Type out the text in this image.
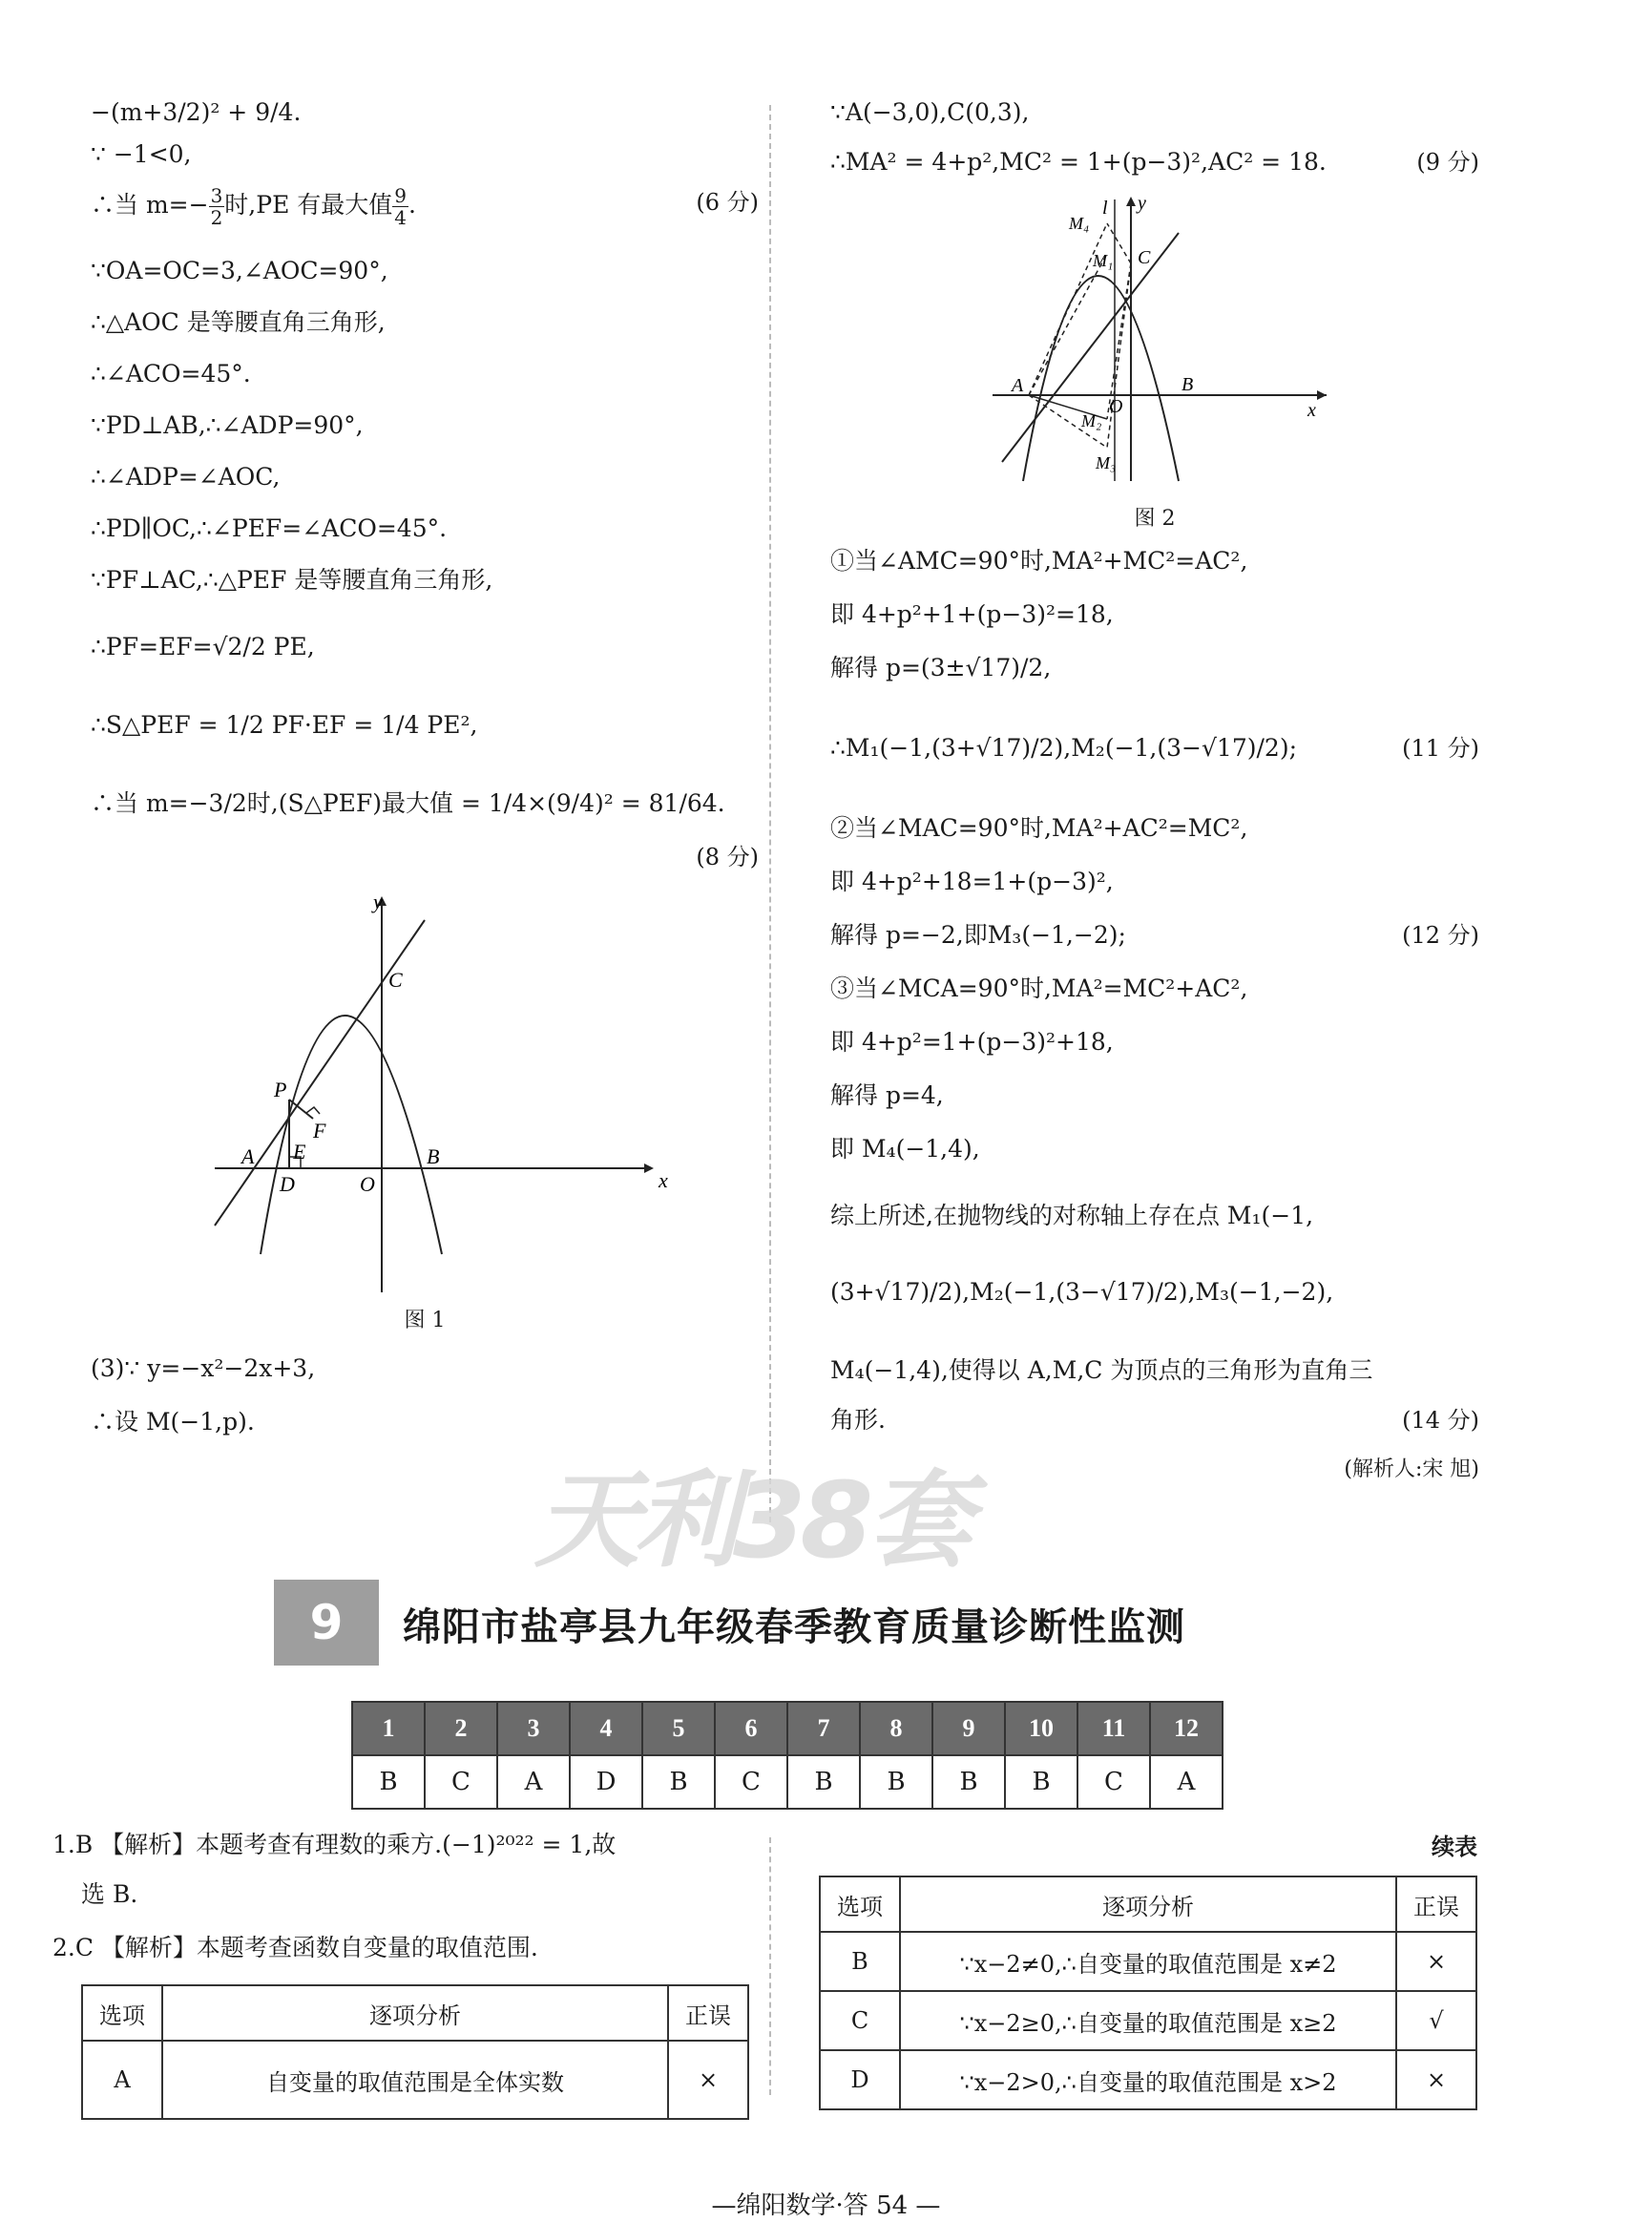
−(m+3/2)² + 9/4.
∵ −1<0,
∴当 $m=- \frac{3}{2}$ 时,PE 有最大值 $\frac{9}{4}$ .	(6 分)
∵OA=OC=3,∠AOC=90°,
∴△AOC 是等腰直角三角形,
∴∠ACO=45°.
∵PD⊥AB,∴∠ADP=90°,
∴∠ADP=∠AOC,
∴PD∥OC,∴∠PEF=∠ACO=45°.
∵PF⊥AC,∴△PEF 是等腰直角三角形,
∴PF=EF=√2/2 PE,
∴S△PEF = 1/2 PF·EF = 1/4 PE²,
∴当 m=−3/2时,(S△PEF)最大值 = 1/4×(9/4)² = 81/64.
(8 分)
y
x
P
C
F
E
A
D	O
B
图 1
(3)∵ y=−x²−2x+3,
∴设 M(−1,p).
∵A(−3,0),C(0,3),
∴MA² = 4+p²,MC² = 1+(p−3)²,AC² = 18.	(9 分)
l y
M₄
M₁ C
A
O
B
x
M₂
M₃
图 2
①当∠AMC=90°时,MA²+MC²=AC²,
即 4+p²+1+(p−3)²=18,
解得 p=(3±√17)/2,
∴M₁(−1,(3+√17)/2),M₂(−1,(3−√17)/2);	(11 分)
②当∠MAC=90°时,MA²+AC²=MC²,
即 4+p²+18=1+(p−3)²,
解得 p=−2,即M₃(−1,−2);	(12 分)
③当∠MCA=90°时,MA²=MC²+AC²,
即 4+p²=1+(p−3)²+18,
解得 p=4,
即 M₄(−1,4),
综上所述,在抛物线的对称轴上存在点 M₁(−1,
(3+√17)/2),M₂(−1,(3−√17)/2),M₃(−1,−2),
M₄(−1,4),使得以 A,M,C 为顶点的三角形为直角三
角形.	(14 分)
(解析人:宋 旭)
天利38套
9	绵阳市盐亭县九年级春季教育质量诊断性监测
1	2	3	4	5	6	7	8	9	10	11	12
B	C	A	D	B	C	B	B	B	B	C	A
1.B 【解析】本题考查有理数的乘方.(−1)²⁰²² = 1,故
选 B.
2.C 【解析】本题考查函数自变量的取值范围.
选项	逐项分析	正误
A	自变量的取值范围是全体实数	×
续表
选项	逐项分析	正误
B	∵x−2≠0,∴自变量的取值范围是 x≠2	×
C	∵x−2≥0,∴自变量的取值范围是 x≥2	√
D	∵x−2>0,∴自变量的取值范围是 x>2	×
—绵阳数学·答 54 —
